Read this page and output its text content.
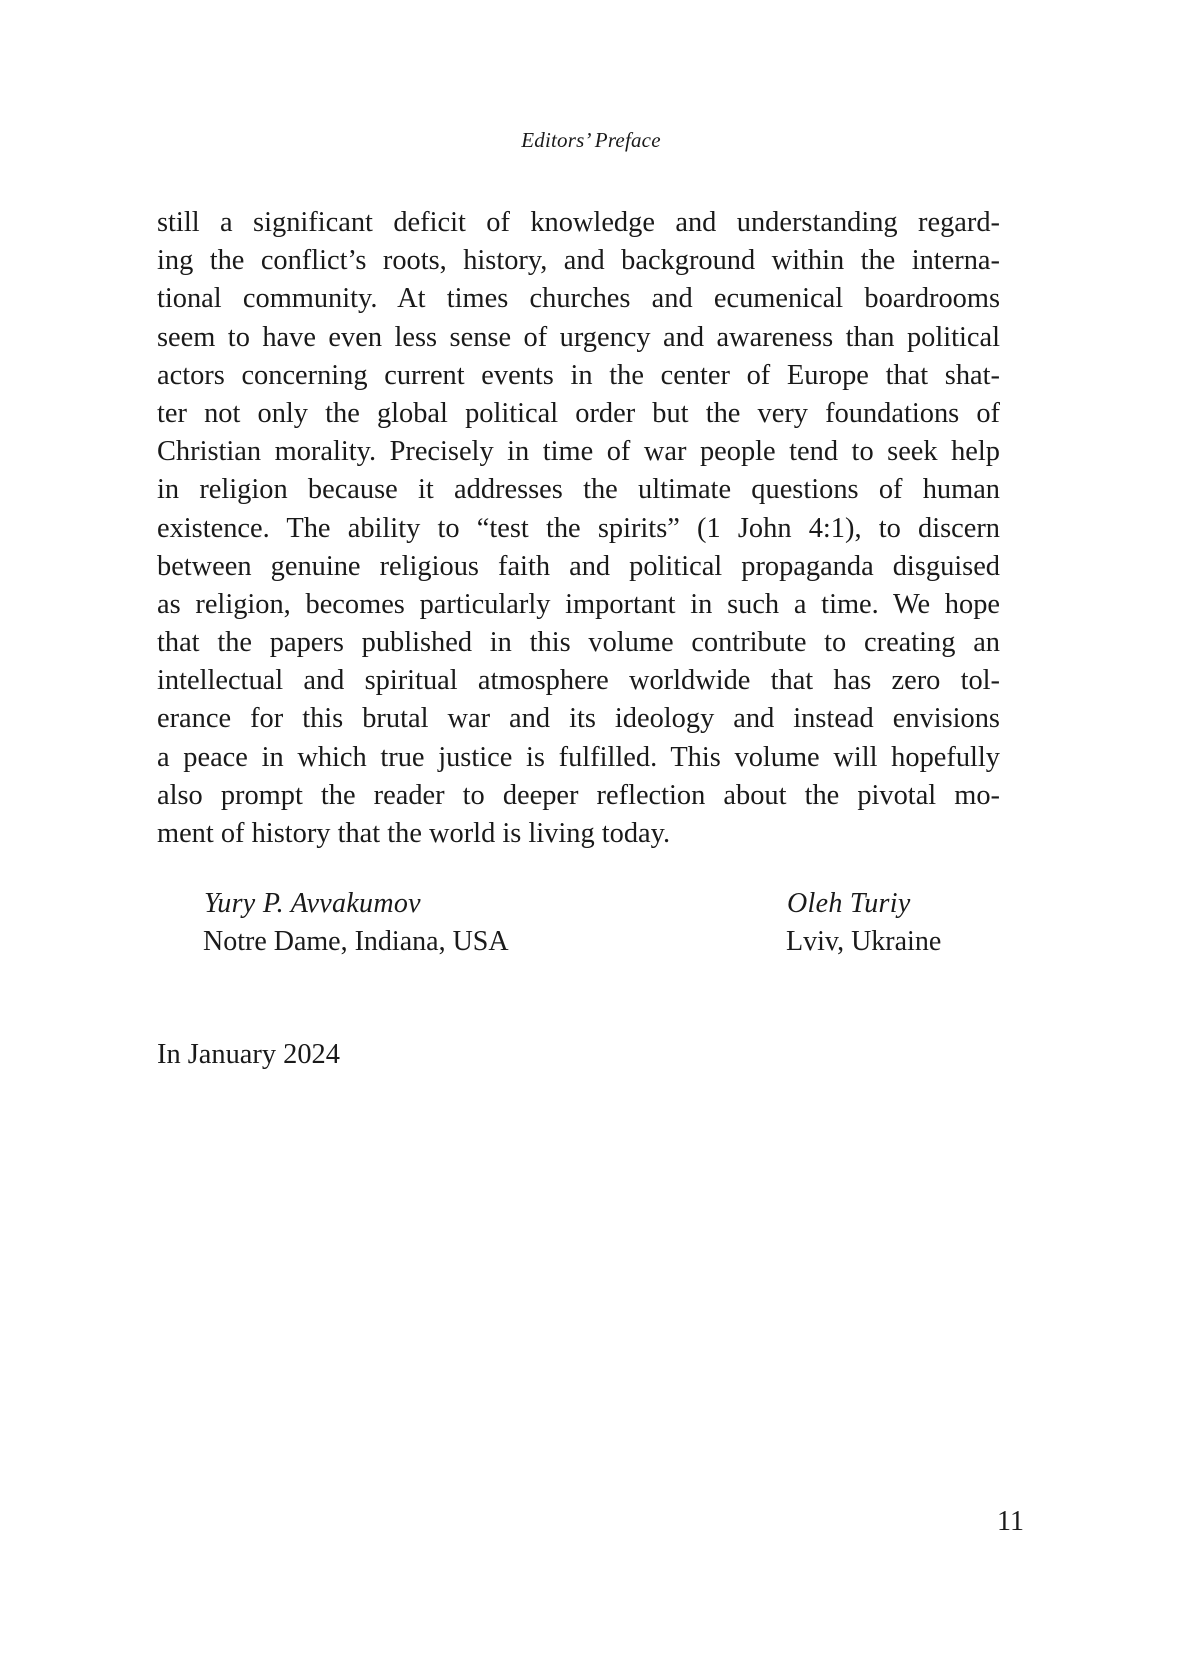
Editors’ Preface
still a significant deficit of knowledge and understanding regard-
ing the conflict’s roots, history, and background within the interna-
tional community. At times churches and ecumenical boardrooms
seem to have even less sense of urgency and awareness than political
actors concerning current events in the center of Europe that shat-
ter not only the global political order but the very foundations of
Christian morality. Precisely in time of war people tend to seek help
in religion because it addresses the ultimate questions of human
existence. The ability to “test the spirits” (1 John 4:1), to discern
between genuine religious faith and political propaganda disguised
as religion, becomes particularly important in such a time. We hope
that the papers published in this volume contribute to creating an
intellectual and spiritual atmosphere worldwide that has zero tol-
erance for this brutal war and its ideology and instead envisions
a peace in which true justice is fulfilled. This volume will hopefully
also prompt the reader to deeper reflection about the pivotal mo-
ment of history that the world is living today.
Yury P. Avvakumov
Notre Dame, Indiana, USA
Oleh Turiy
Lviv, Ukraine
In January 2024
11
